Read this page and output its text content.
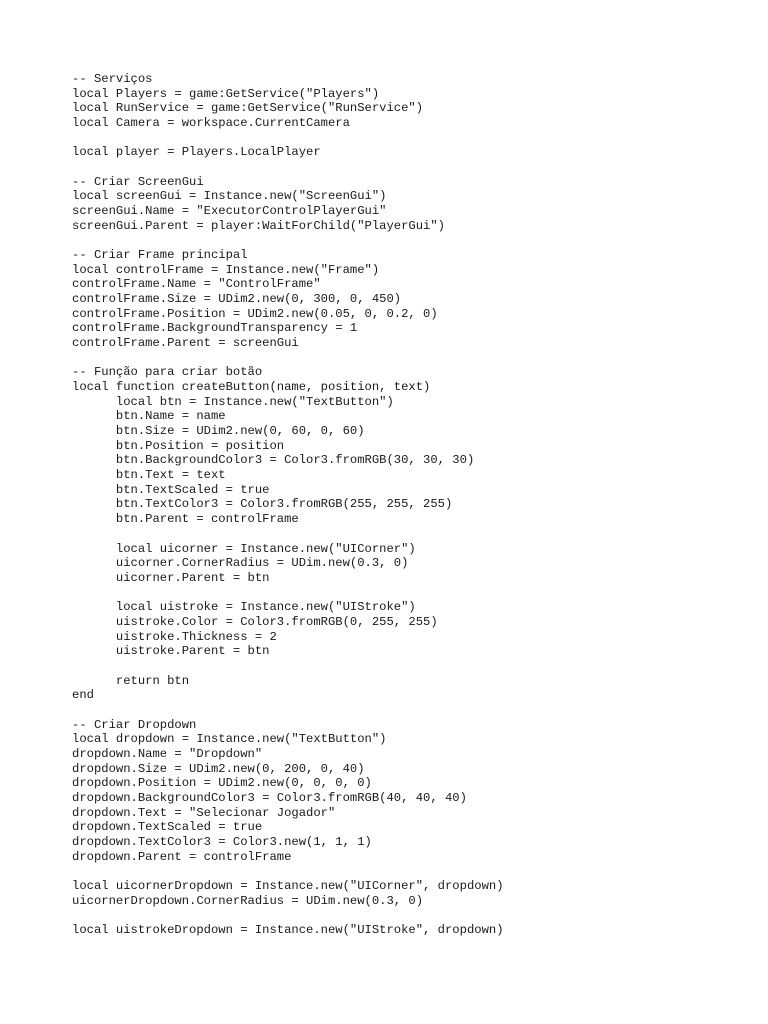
-- Serviços
local Players = game:GetService("Players")
local RunService = game:GetService("RunService")
local Camera = workspace.CurrentCamera

local player = Players.LocalPlayer

-- Criar ScreenGui
local screenGui = Instance.new("ScreenGui")
screenGui.Name = "ExecutorControlPlayerGui"
screenGui.Parent = player:WaitForChild("PlayerGui")

-- Criar Frame principal
local controlFrame = Instance.new("Frame")
controlFrame.Name = "ControlFrame"
controlFrame.Size = UDim2.new(0, 300, 0, 450)
controlFrame.Position = UDim2.new(0.05, 0, 0.2, 0)
controlFrame.BackgroundTransparency = 1
controlFrame.Parent = screenGui

-- Função para criar botão
local function createButton(name, position, text)
local btn = Instance.new("TextButton")
btn.Name = name
btn.Size = UDim2.new(0, 60, 0, 60)
btn.Position = position
btn.BackgroundColor3 = Color3.fromRGB(30, 30, 30)
btn.Text = text
btn.TextScaled = true
btn.TextColor3 = Color3.fromRGB(255, 255, 255)
btn.Parent = controlFrame

local uicorner = Instance.new("UICorner")
uicorner.CornerRadius = UDim.new(0.3, 0)
uicorner.Parent = btn

local uistroke = Instance.new("UIStroke")
uistroke.Color = Color3.fromRGB(0, 255, 255)
uistroke.Thickness = 2
uistroke.Parent = btn

return btn
end

-- Criar Dropdown
local dropdown = Instance.new("TextButton")
dropdown.Name = "Dropdown"
dropdown.Size = UDim2.new(0, 200, 0, 40)
dropdown.Position = UDim2.new(0, 0, 0, 0)
dropdown.BackgroundColor3 = Color3.fromRGB(40, 40, 40)
dropdown.Text = "Selecionar Jogador"
dropdown.TextScaled = true
dropdown.TextColor3 = Color3.new(1, 1, 1)
dropdown.Parent = controlFrame

local uicornerDropdown = Instance.new("UICorner", dropdown)
uicornerDropdown.CornerRadius = UDim.new(0.3, 0)

local uistrokeDropdown = Instance.new("UIStroke", dropdown)
